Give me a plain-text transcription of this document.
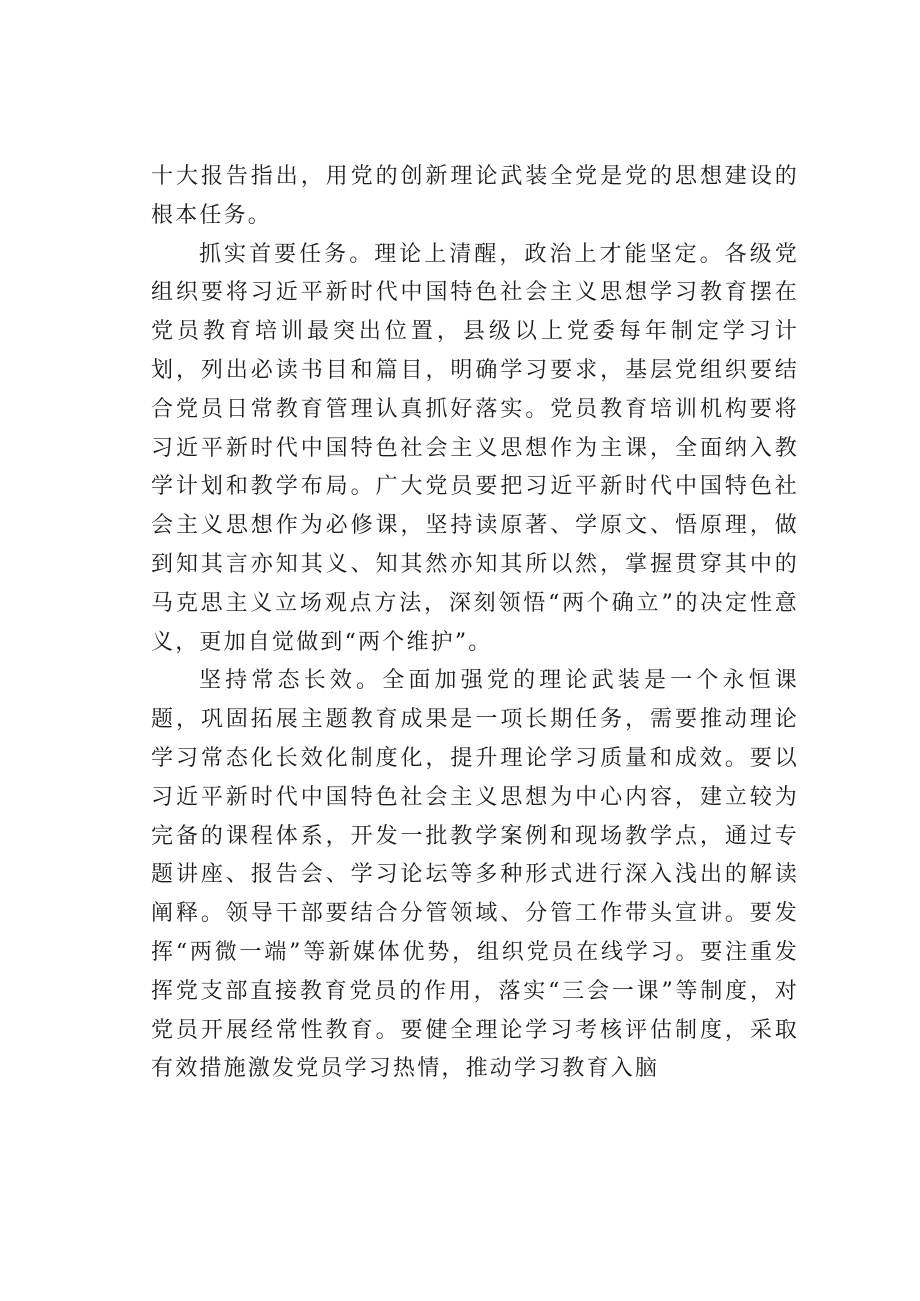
十大报告指出，用党的创新理论武装全党是党的思想建设的根本任务。

抓实首要任务。理论上清醒，政治上才能坚定。各级党组织要将习近平新时代中国特色社会主义思想学习教育摆在党员教育培训最突出位置，县级以上党委每年制定学习计划，列出必读书目和篇目，明确学习要求，基层党组织要结合党员日常教育管理认真抓好落实。党员教育培训机构要将习近平新时代中国特色社会主义思想作为主课，全面纳入教学计划和教学布局。广大党员要把习近平新时代中国特色社会主义思想作为必修课，坚持读原著、学原文、悟原理，做到知其言亦知其义、知其然亦知其所以然，掌握贯穿其中的马克思主义立场观点方法，深刻领悟“两个确立”的决定性意义，更加自觉做到“两个维护”。

坚持常态长效。全面加强党的理论武装是一个永恒课题，巩固拓展主题教育成果是一项长期任务，需要推动理论学习常态化长效化制度化，提升理论学习质量和成效。要以习近平新时代中国特色社会主义思想为中心内容，建立较为完备的课程体系，开发一批教学案例和现场教学点，通过专题讲座、报告会、学习论坛等多种形式进行深入浅出的解读阐释。领导干部要结合分管领域、分管工作带头宣讲。要发挥“两微一端”等新媒体优势，组织党员在线学习。要注重发挥党支部直接教育党员的作用，落实“三会一课”等制度，对党员开展经常性教育。要健全理论学习考核评估制度，采取有效措施激发党员学习热情，推动学习教育入脑
